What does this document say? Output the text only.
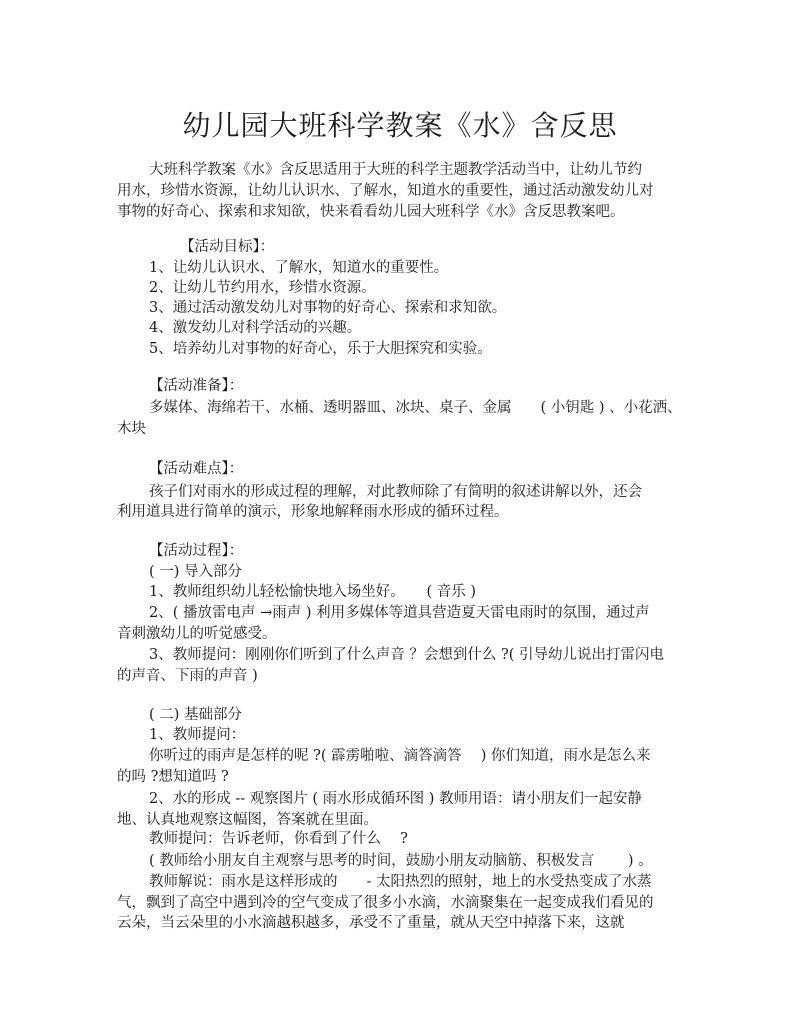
幼儿园大班科学教案《水》含反思
大班科学教案《水》含反思适用于大班的科学主题教学活动当中，让幼儿节约
用水，珍惜水资源，让幼儿认识水、了解水，知道水的重要性，通过活动激发幼儿对
事物的好奇心、探索和求知欲，快来看看幼儿园大班科学《水》含反思教案吧。
【活动目标】：
1、让幼儿认识水、了解水，知道水的重要性。
2、让幼儿节约用水，珍惜水资源。
3、通过活动激发幼儿对事物的好奇心、探索和求知欲。
4、激发幼儿对科学活动的兴趣。
5、培养幼儿对事物的好奇心，乐于大胆探究和实验。
【活动准备】：
多媒体、海绵若干、水桶、透明器皿、冰块、桌子、金属　　( 小钥匙 ) 、小花洒、
木块
【活动难点】：
孩子们对雨水的形成过程的理解，对此教师除了有简明的叙述讲解以外，还会
利用道具进行简单的演示，形象地解释雨水形成的循环过程。
【活动过程】：
( 一) 导入部分
1、教师组织幼儿轻松愉快地入场坐好。　　( 音乐 )
2、( 播放雷电声 →雨声 ) 利用多媒体等道具营造夏天雷电雨时的氛围，通过声
音刺激幼儿的听觉感受。
3、教师提问：刚刚你们听到了什么声音 ？会想到什么 ?( 引导幼儿说出打雷闪电
的声音、下雨的声音 )
( 二) 基础部分
1、教师提问：
你听过的雨声是怎样的呢 ?( 霹雳啪啦、滴答滴答　 ) 你们知道，雨水是怎么来
的吗 ?想知道吗 ?
2、水的形成 -- 观察图片 ( 雨水形成循环图 ) 教师用语：请小朋友们一起安静
地、认真地观察这幅图，答案就在里面。
教师提问：告诉老师，你看到了什么　 ?
( 教师给小朋友自主观察与思考的时间，鼓励小朋友动脑筋、积极发言　　 ) 。
教师解说：雨水是这样形成的　　- 太阳热烈的照射，地上的水受热变成了水蒸
气，飘到了高空中遇到冷的空气变成了很多小水滴，水滴聚集在一起变成我们看见的
云朵，当云朵里的小水滴越积越多，承受不了重量，就从天空中掉落下来，这就
